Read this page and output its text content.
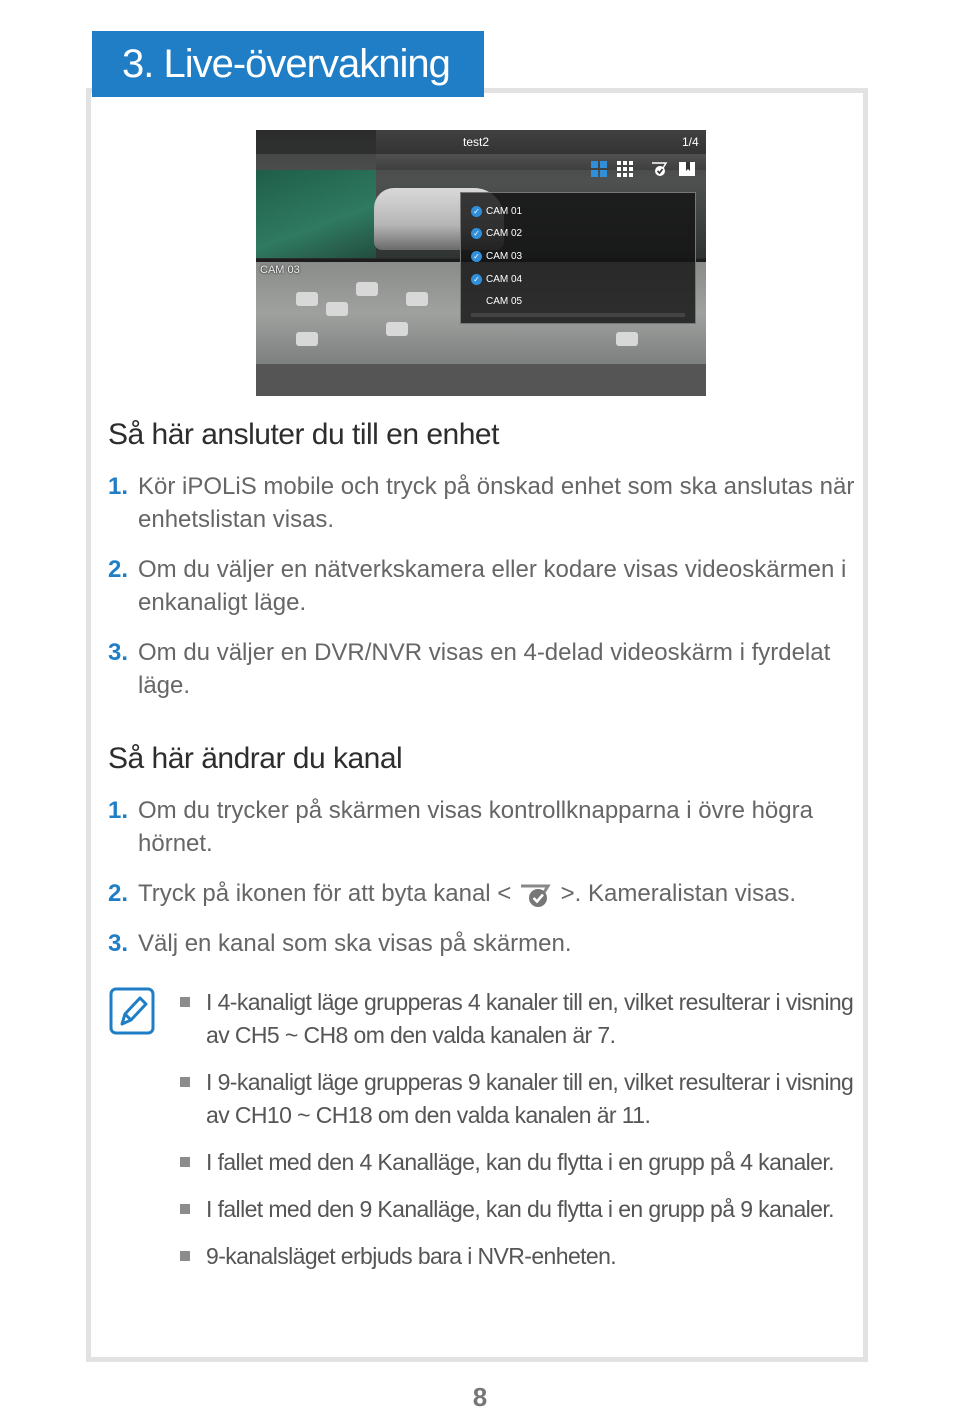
3. Live-övervakning
CAM 03
test2	1/4
✓ CAM 01
✓ CAM 02
✓ CAM 03
✓ CAM 04
CAM 05
Så här ansluter du till en enhet
1. Kör iPOLiS mobile och tryck på önskad enhet som ska anslutas när enhetslistan visas.
2. Om du väljer en nätverkskamera eller kodare visas videoskärmen i enkanaligt läge.
3. Om du väljer en DVR/NVR visas en 4-delad videoskärm i fyrdelat läge.
Så här ändrar du kanal
1. Om du trycker på skärmen visas kontrollknapparna i övre högra hörnet.
2. Tryck på ikonen för att byta kanal < >. Kameralistan visas.
3. Välj en kanal som ska visas på skärmen.
I 4-kanaligt läge grupperas 4 kanaler till en, vilket resulterar i visning av CH5 ~ CH8 om den valda kanalen är 7.
I 9-kanaligt läge grupperas 9 kanaler till en, vilket resulterar i visning av CH10 ~ CH18 om den valda kanalen är 11.
I fallet med den 4 Kanalläge, kan du flytta i en grupp på 4 kanaler.
I fallet med den 9 Kanalläge, kan du flytta i en grupp på 9 kanaler.
9-kanalsläget erbjuds bara i NVR-enheten.
8
